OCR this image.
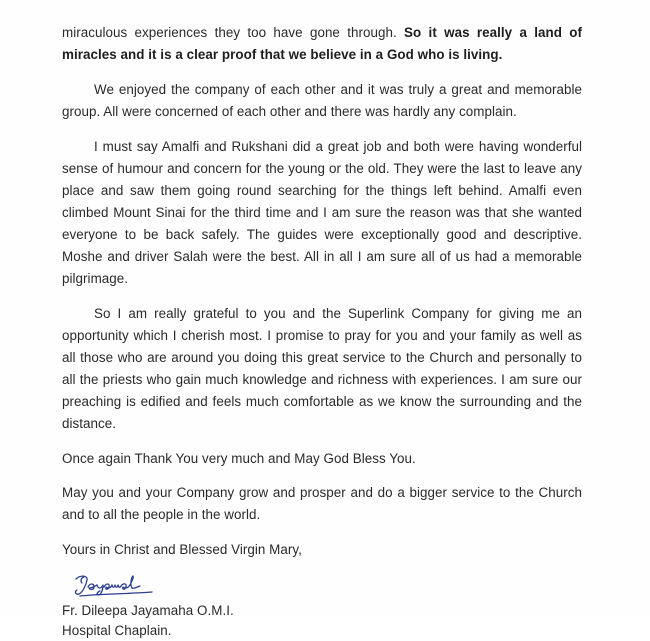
miraculous experiences they too have gone through. So it was really a land of miracles and it is a clear proof that we believe in a God who is living.

We enjoyed the company of each other and it was truly a great and memorable group. All were concerned of each other and there was hardly any complain.

I must say Amalfi and Rukshani did a great job and both were having wonderful sense of humour and concern for the young or the old. They were the last to leave any place and saw them going round searching for the things left behind. Amalfi even climbed Mount Sinai for the third time and I am sure the reason was that she wanted everyone to be back safely. The guides were exceptionally good and descriptive. Moshe and driver Salah were the best. All in all I am sure all of us had a memorable pilgrimage.

So I am really grateful to you and the Superlink Company for giving me an opportunity which I cherish most. I promise to pray for you and your family as well as all those who are around you doing this great service to the Church and personally to all the priests who gain much knowledge and richness with experiences. I am sure our preaching is edified and feels much comfortable as we know the surrounding and the distance.

Once again Thank You very much and May God Bless You.

May you and your Company grow and prosper and do a bigger service to the Church and to all the people in the world.

Yours in Christ and Blessed Virgin Mary,

Fr. Dileepa Jayamaha O.M.I.

Hospital Chaplain.
